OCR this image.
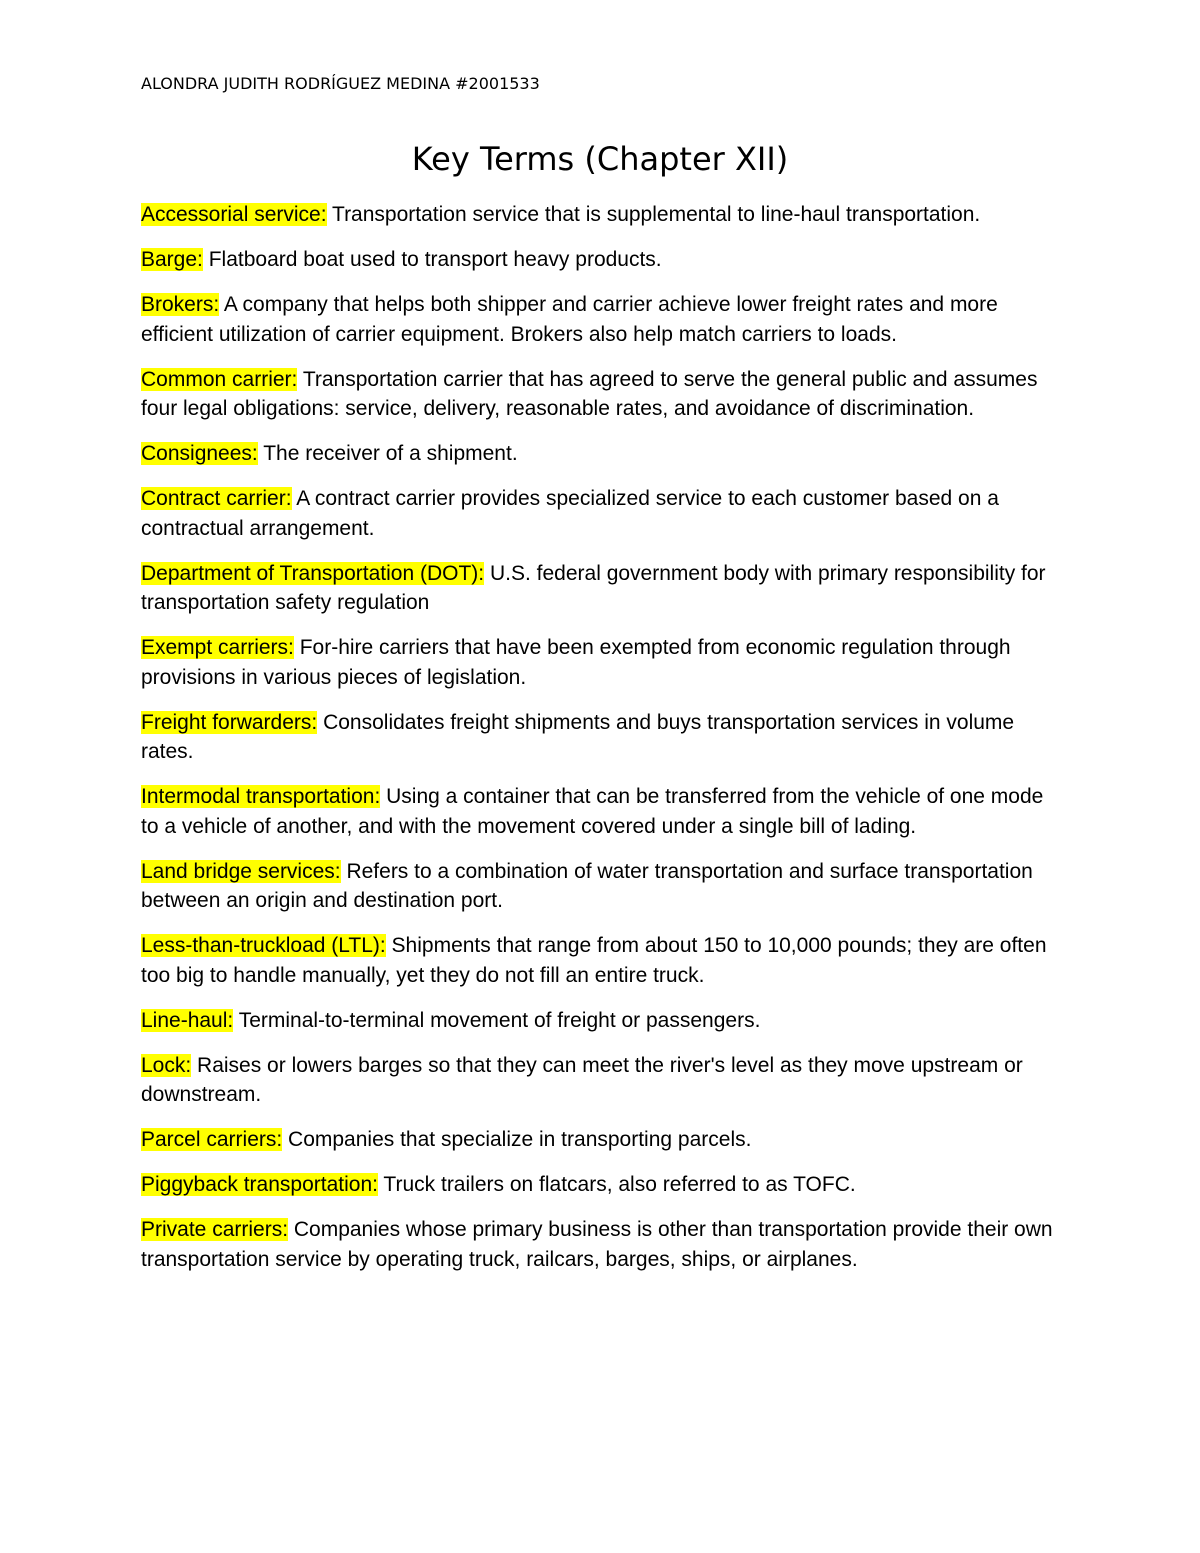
ALONDRA JUDITH RODRÍGUEZ MEDINA #2001533
Key Terms (Chapter XII)

Accessorial service: Transportation service that is supplemental to line-haul transportation.

Barge: Flatboard boat used to transport heavy products.

Brokers: A company that helps both shipper and carrier achieve lower freight rates and more efficient utilization of carrier equipment. Brokers also help match carriers to loads.

Common carrier: Transportation carrier that has agreed to serve the general public and assumes four legal obligations: service, delivery, reasonable rates, and avoidance of discrimination.

Consignees: The receiver of a shipment.

Contract carrier: A contract carrier provides specialized service to each customer based on a contractual arrangement.

Department of Transportation (DOT): U.S. federal government body with primary responsibility for transportation safety regulation

Exempt carriers: For-hire carriers that have been exempted from economic regulation through provisions in various pieces of legislation.

Freight forwarders: Consolidates freight shipments and buys transportation services in volume rates.

Intermodal transportation: Using a container that can be transferred from the vehicle of one mode to a vehicle of another, and with the movement covered under a single bill of lading.

Land bridge services: Refers to a combination of water transportation and surface transportation between an origin and destination port.

Less-than-truckload (LTL): Shipments that range from about 150 to 10,000 pounds; they are often too big to handle manually, yet they do not fill an entire truck.

Line-haul: Terminal-to-terminal movement of freight or passengers.

Lock: Raises or lowers barges so that they can meet the river's level as they move upstream or downstream.

Parcel carriers: Companies that specialize in transporting parcels.

Piggyback transportation: Truck trailers on flatcars, also referred to as TOFC.

Private carriers: Companies whose primary business is other than transportation provide their own transportation service by operating truck, railcars, barges, ships, or airplanes.
